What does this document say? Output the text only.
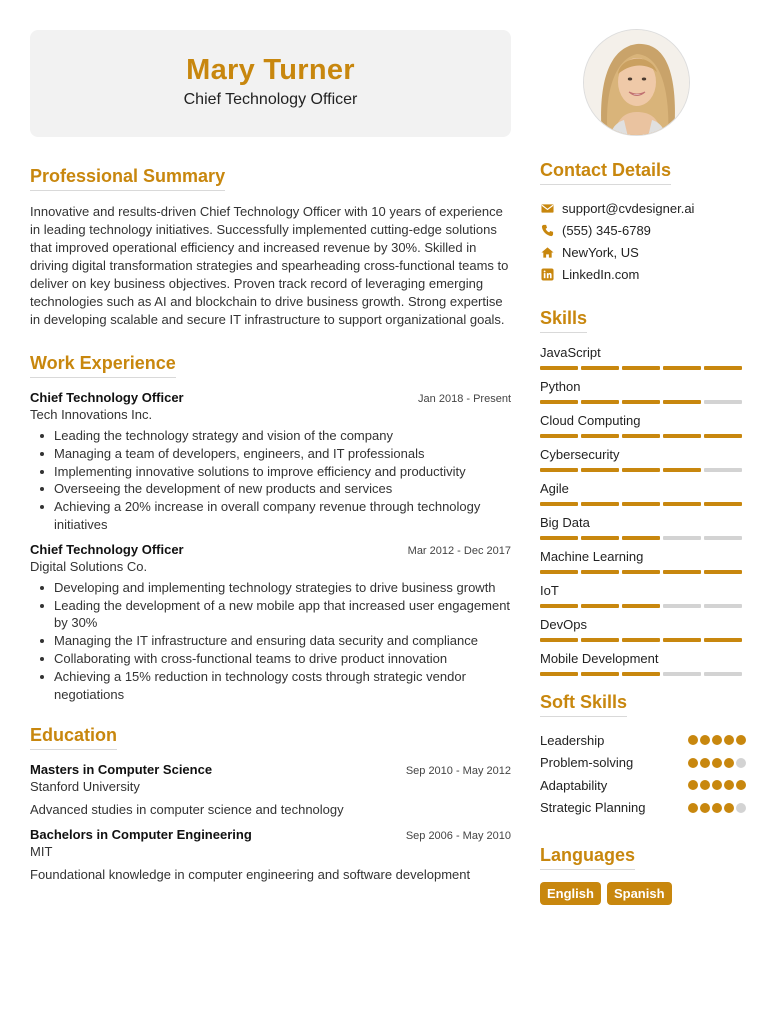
Mary Turner
Chief Technology Officer
Professional Summary

Innovative and results-driven Chief Technology Officer with 10 years of experience in leading technology initiatives. Successfully implemented cutting-edge solutions that improved operational efficiency and increased revenue by 30%. Skilled in driving digital transformation strategies and spearheading cross-functional teams to deliver on key business objectives. Proven track record of leveraging emerging technologies such as AI and blockchain to drive business growth. Strong expertise in developing scalable and secure IT infrastructure to support organizational goals.

Work Experience
Chief Technology Officer	Jan 2018 - Present
Tech Innovations Inc.
Leading the technology strategy and vision of the company
Managing a team of developers, engineers, and IT professionals
Implementing innovative solutions to improve efficiency and productivity
Overseeing the development of new products and services
Achieving a 20% increase in overall company revenue through technology initiatives
Chief Technology Officer	Mar 2012 - Dec 2017
Digital Solutions Co.
Developing and implementing technology strategies to drive business growth
Leading the development of a new mobile app that increased user engagement by 30%
Managing the IT infrastructure and ensuring data security and compliance
Collaborating with cross-functional teams to drive product innovation
Achieving a 15% reduction in technology costs through strategic vendor negotiations
Education
Masters in Computer Science	Sep 2010 - May 2012
Stanford University
Advanced studies in computer science and technology
Bachelors in Computer Engineering	Sep 2006 - May 2010
MIT
Foundational knowledge in computer engineering and software development
Contact Details
support@cvdesigner.ai
(555) 345-6789
NewYork, US
LinkedIn.com
Skills
JavaScript
Python
Cloud Computing
Cybersecurity
Agile
Big Data
Machine Learning
IoT
DevOps
Mobile Development
Soft Skills
Leadership
Problem-solving
Adaptability
Strategic Planning
Languages
English	Spanish
